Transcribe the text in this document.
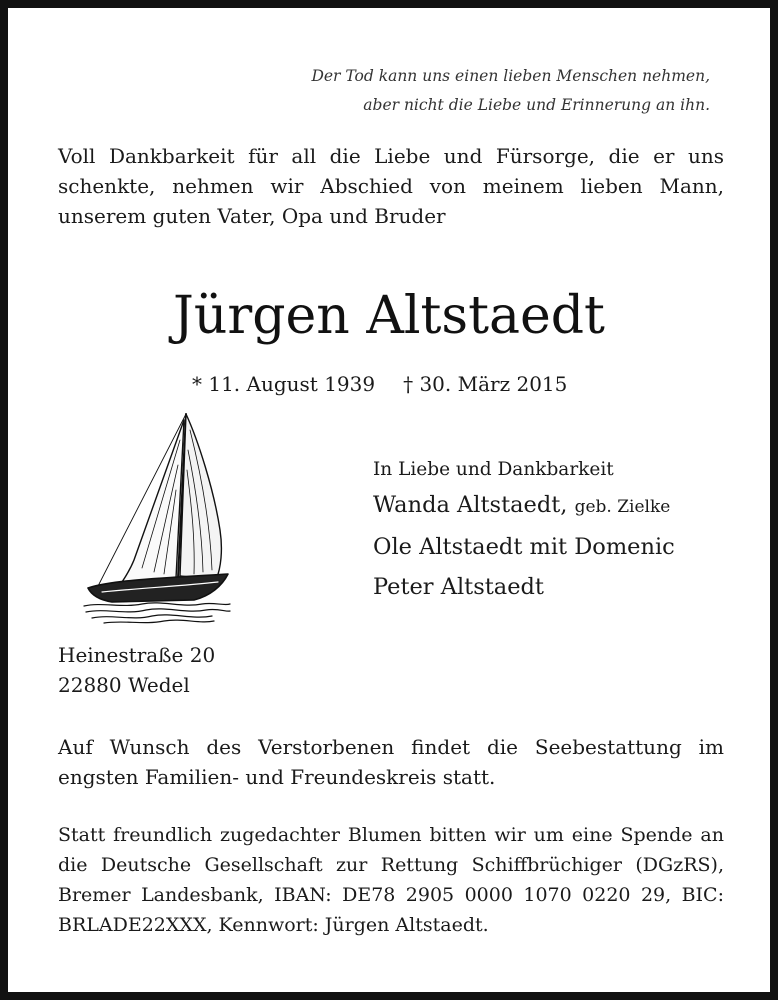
Der Tod kann uns einen lieben Menschen nehmen,
aber nicht die Liebe und Erinnerung an ihn.
Voll Dankbarkeit für all die Liebe und Fürsorge, die er uns schenkte, nehmen wir Abschied von meinem lieben Mann, unserem guten Vater, Opa und Bruder
Jürgen Altstaedt
* 11. August 1939 † 30. März 2015
In Liebe und Dankbarkeit
Wanda Altstaedt, geb. Zielke
Ole Altstaedt mit Domenic
Peter Altstaedt
Heinestraße 20
22880 Wedel
Auf Wunsch des Verstorbenen findet die Seebestattung im engsten Familien- und Freundeskreis statt.
Statt freundlich zugedachter Blumen bitten wir um eine Spende an die Deutsche Gesellschaft zur Rettung Schiffbrüchiger (DGzRS), Bremer Landesbank, IBAN: DE78 2905 0000 1070 0220 29, BIC: BRLADE22XXX, Kennwort: Jürgen Altstaedt.
